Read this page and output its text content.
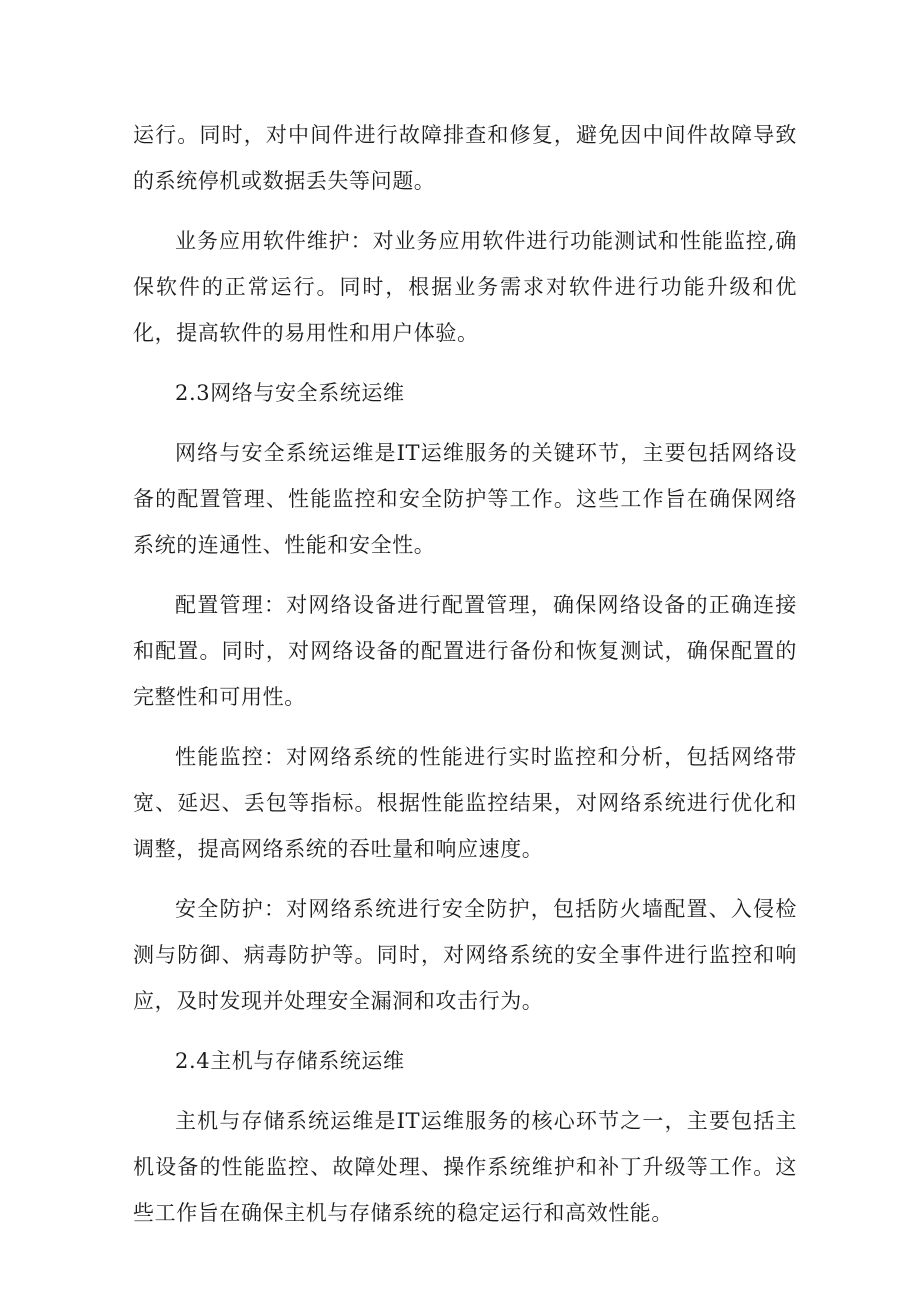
运行。同时，对中间件进行故障排查和修复，避免因中间件故障导致的系统停机或数据丢失等问题。

业务应用软件维护：对业务应用软件进行功能测试和性能监控,确保软件的正常运行。同时，根据业务需求对软件进行功能升级和优化，提高软件的易用性和用户体验。

2.3网络与安全系统运维

网络与安全系统运维是IT运维服务的关键环节，主要包括网络设备的配置管理、性能监控和安全防护等工作。这些工作旨在确保网络系统的连通性、性能和安全性。

配置管理：对网络设备进行配置管理，确保网络设备的正确连接和配置。同时，对网络设备的配置进行备份和恢复测试，确保配置的完整性和可用性。

性能监控：对网络系统的性能进行实时监控和分析，包括网络带宽、延迟、丢包等指标。根据性能监控结果，对网络系统进行优化和调整，提高网络系统的吞吐量和响应速度。

安全防护：对网络系统进行安全防护，包括防火墙配置、入侵检测与防御、病毒防护等。同时，对网络系统的安全事件进行监控和响应，及时发现并处理安全漏洞和攻击行为。

2.4主机与存储系统运维

主机与存储系统运维是IT运维服务的核心环节之一，主要包括主机设备的性能监控、故障处理、操作系统维护和补丁升级等工作。这些工作旨在确保主机与存储系统的稳定运行和高效性能。
